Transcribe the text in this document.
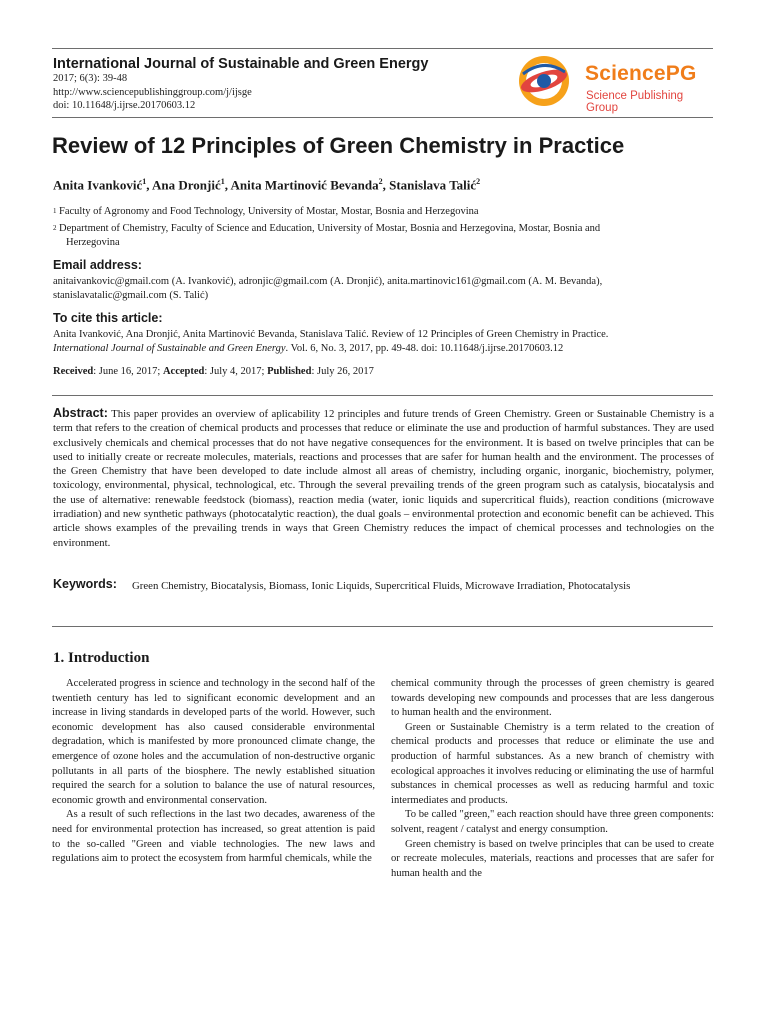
International Journal of Sustainable and Green Energy
2017; 6(3): 39-48
http://www.sciencepublishinggroup.com/j/ijsge
doi: 10.11648/j.ijrse.20170603.12
SciencePG
Science Publishing Group
Review of 12 Principles of Green Chemistry in Practice
Anita Ivanković$^1$, Ana Dronjić$^1$, Anita Martinović Bevanda$^2$, Stanislava Talić$^2$

1 Faculty of Agronomy and Food Technology, University of Mostar, Mostar, Bosnia and Herzegovina

2 Department of Chemistry, Faculty of Science and Education, University of Mostar, Bosnia and Herzegovina, Mostar, Bosnia and
Herzegovina

Email address:
anitaivankovic@gmail.com (A. Ivanković), adronjic@gmail.com (A. Dronjić), anita.martinovic161@gmail.com (A. M. Bevanda),
stanislavatalic@gmail.com (S. Talić)
To cite this article:
Anita Ivanković, Ana Dronjić, Anita Martinović Bevanda, Stanislava Talić. Review of 12 Principles of Green Chemistry in Practice.
International Journal of Sustainable and Green Energy. Vol. 6, No. 3, 2017, pp. 49-48. doi: 10.11648/j.ijrse.20170603.12
Received: June 16, 2017; Accepted: July 4, 2017; Published: July 26, 2017
Abstract: This paper provides an overview of aplicability 12 principles and future trends of Green Chemistry. Green or Sustainable Chemistry is a term that refers to the creation of chemical products and processes that reduce or eliminate the use and production of harmful substances. They are used exclusively chemicals and chemical processes that do not have negative consequences for the environment. It is based on twelve principles that can be used to initially create or recreate molecules, materials, reactions and processes that are safer for human health and the environment. The processes of the Green Chemistry that have been developed to date include almost all areas of chemistry, including organic, inorganic, biochemistry, polymer, toxicology, environmental, physical, technological, etc. Through the several prevailing trends of the green program such as catalysis, biocatalysis and the use of alternative: renewable feedstock (biomass), reaction media (water, ionic liquids and supercritical fluids), reaction conditions (microwave irradiation) and new synthetic pathways (photocatalytic reaction), the dual goals – environmental protection and economic benefit can be achieved. This article shows examples of the prevailing trends in ways that Green Chemistry reduces the impact of chemical processes and technologies on the environment.
Keywords: Green Chemistry, Biocatalysis, Biomass, Ionic Liquids, Supercritical Fluids, Microwave Irradiation, Photocatalysis
1. Introduction

Accelerated progress in science and technology in the second half of the twentieth century has led to significant economic development and an increase in living standards in developed parts of the world. However, such economic development has also caused considerable environmental degradation, which is manifested by more pronounced climate change, the emergence of ozone holes and the accumulation of non-destructive organic pollutants in all parts of the biosphere. The newly established situation required the search for a solution to balance the use of natural resources, economic growth and environmental conservation.

As a result of such reflections in the last two decades, awareness of the need for environmental protection has increased, so great attention is paid to the so-called "Green and viable technologies. The new laws and regulations aim to protect the ecosystem from harmful chemicals, while the

chemical community through the processes of green chemistry is geared towards developing new compounds and processes that are less dangerous to human health and the environment.

Green or Sustainable Chemistry is a term related to the creation of chemical products and processes that reduce or eliminate the use and production of harmful substances. As a new branch of chemistry with ecological approaches it involves reducing or eliminating the use of harmful substances in chemical processes as well as reducing harmful and toxic intermediates and products.

To be called "green," each reaction should have three green components: solvent, reagent / catalyst and energy consumption.

Green chemistry is based on twelve principles that can be used to create or recreate molecules, materials, reactions and processes that are safer for human health and the
